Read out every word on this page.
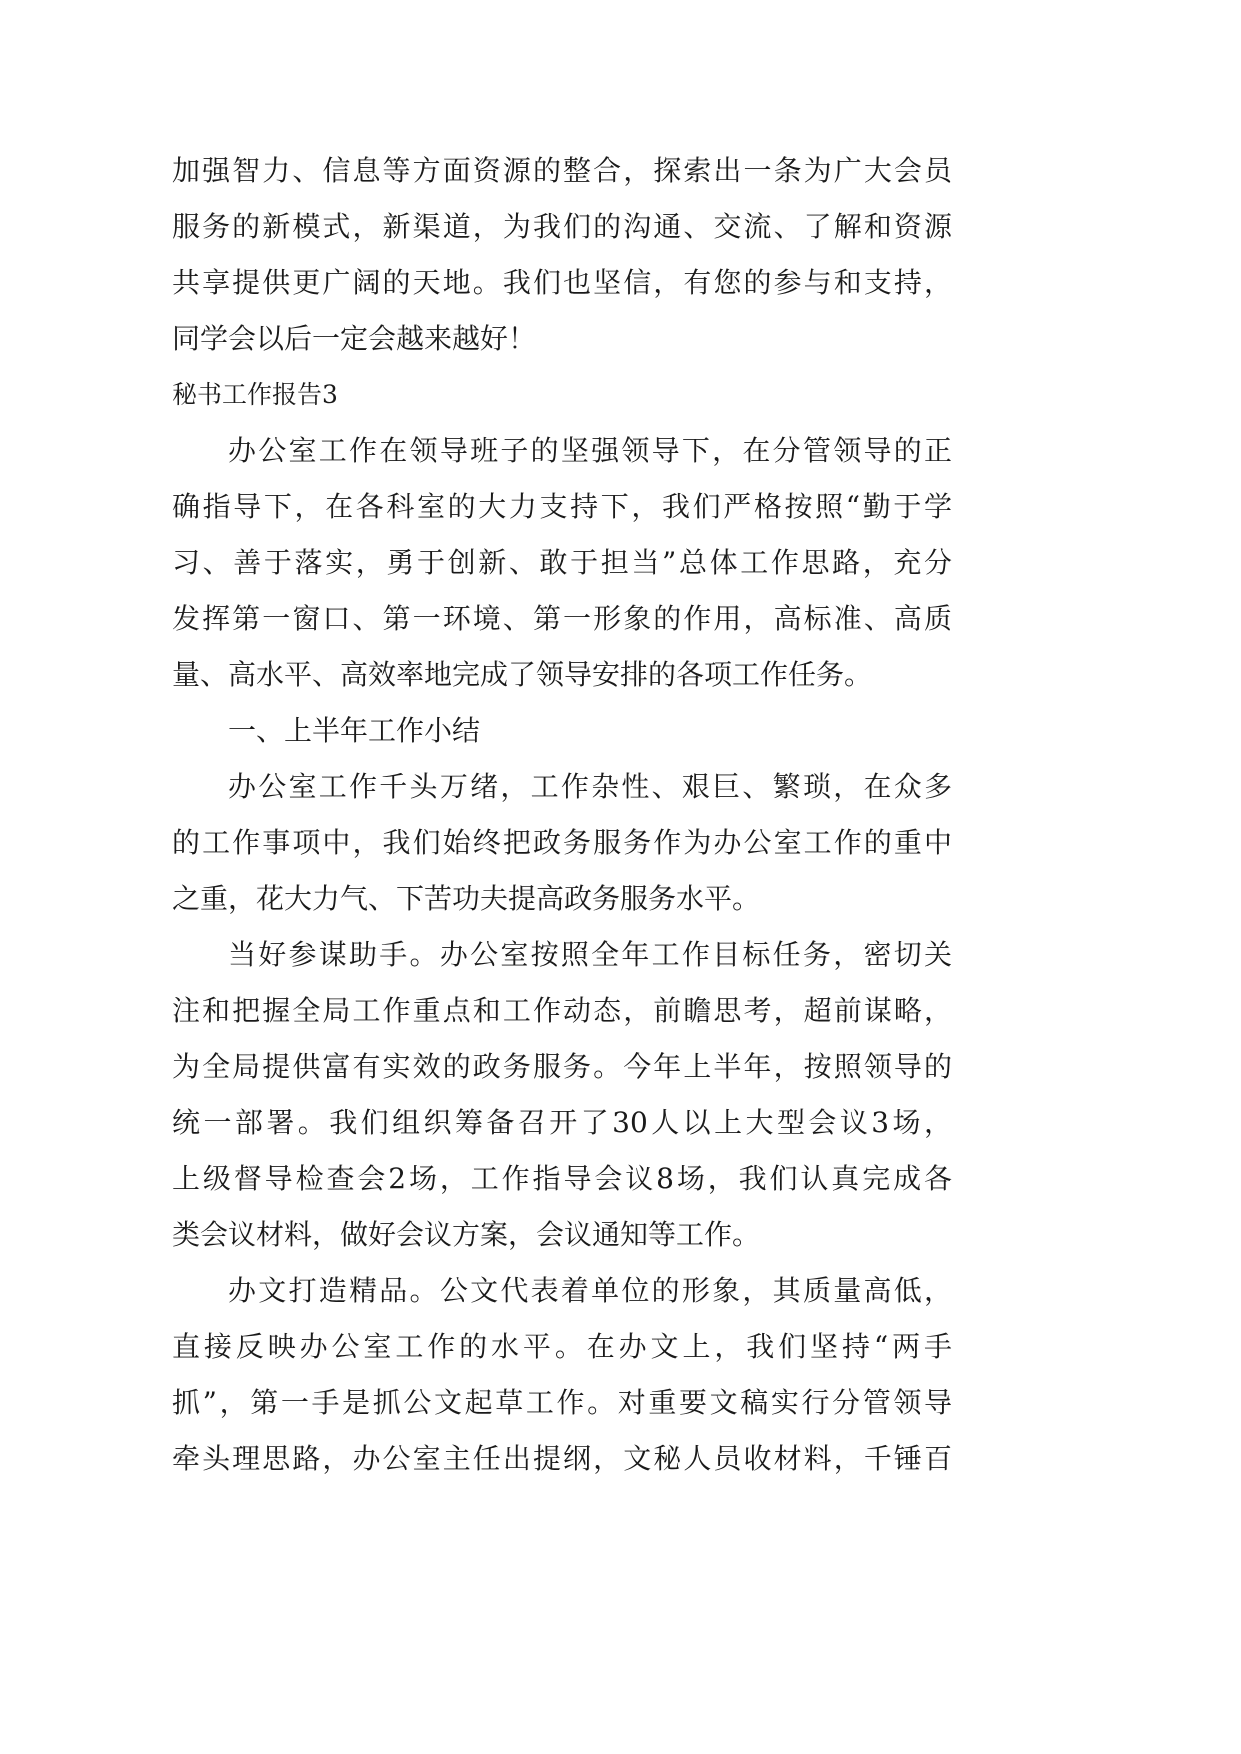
加强智力、信息等方面资源的整合，探索出一条为广大会员
服务的新模式，新渠道，为我们的沟通、交流、了解和资源
共享提供更广阔的天地。我们也坚信，有您的参与和支持，
同学会以后一定会越来越好！
秘书工作报告3
办公室工作在领导班子的坚强领导下，在分管领导的正
确指导下，在各科室的大力支持下，我们严格按照“勤于学
习、善于落实，勇于创新、敢于担当”总体工作思路，充分
发挥第一窗口、第一环境、第一形象的作用，高标准、高质
量、高水平、高效率地完成了领导安排的各项工作任务。
一、上半年工作小结
办公室工作千头万绪，工作杂性、艰巨、繁琐，在众多
的工作事项中，我们始终把政务服务作为办公室工作的重中
之重，花大力气、下苦功夫提高政务服务水平。
当好参谋助手。办公室按照全年工作目标任务，密切关
注和把握全局工作重点和工作动态，前瞻思考，超前谋略，
为全局提供富有实效的政务服务。今年上半年，按照领导的
统一部署。我们组织筹备召开了30人以上大型会议3场，
上级督导检查会2场，工作指导会议8场，我们认真完成各
类会议材料，做好会议方案，会议通知等工作。
办文打造精品。公文代表着单位的形象，其质量高低，
直接反映办公室工作的水平。在办文上，我们坚持“两手
抓”，第一手是抓公文起草工作。对重要文稿实行分管领导
牵头理思路，办公室主任出提纲，文秘人员收材料，千锤百
